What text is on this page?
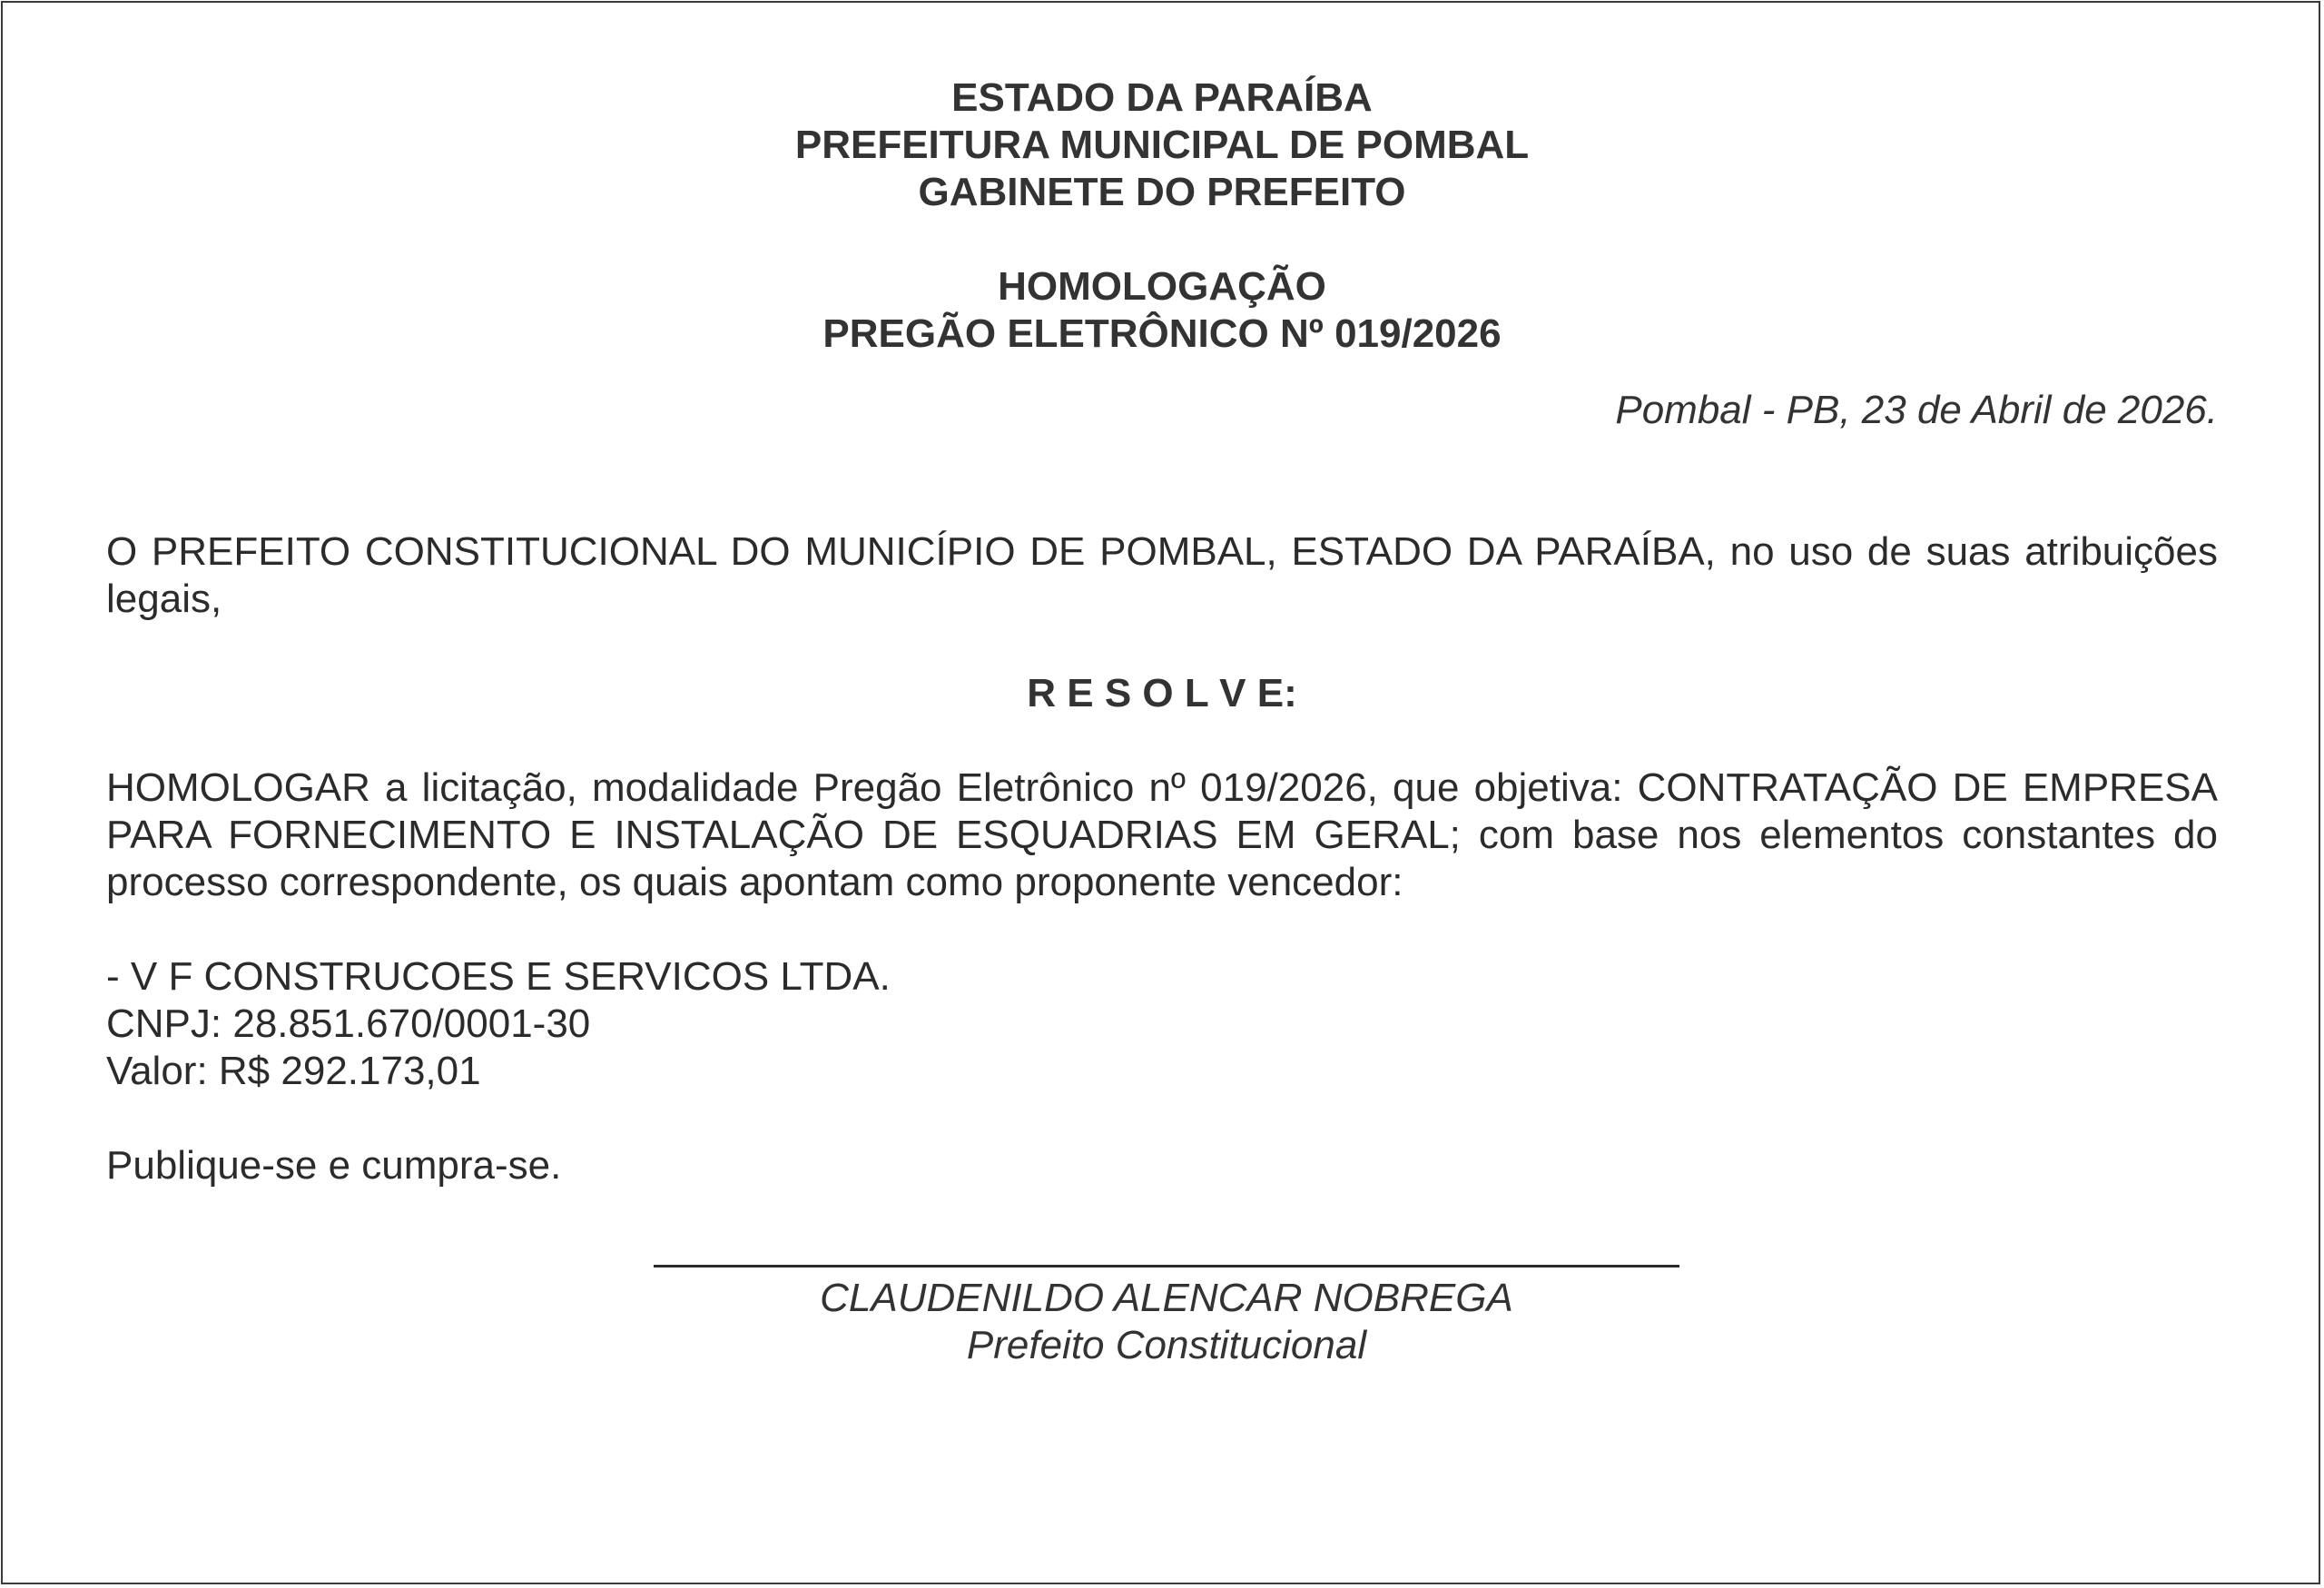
ESTADO DA PARAÍBA

PREFEITURA MUNICIPAL DE POMBAL

GABINETE DO PREFEITO

HOMOLOGAÇÃO

PREGÃO ELETRÔNICO Nº 019/2026

Pombal - PB, 23 de Abril de 2026.

O PREFEITO CONSTITUCIONAL DO MUNICÍPIO DE POMBAL, ESTADO DA PARAÍBA, no uso de suas atribuições legais,

R E S O L V E:

HOMOLOGAR a licitação, modalidade Pregão Eletrônico nº 019/2026, que objetiva: CONTRATAÇÃO DE EMPRESA PARA FORNECIMENTO E INSTALAÇÃO DE ESQUADRIAS EM GERAL; com base nos elementos constantes do processo correspondente, os quais apontam como proponente vencedor:

- V F CONSTRUCOES E SERVICOS LTDA.

CNPJ: 28.851.670/0001-30

Valor: R$ 292.173,01

Publique-se e cumpra-se.

CLAUDENILDO ALENCAR NOBREGA

Prefeito Constitucional
